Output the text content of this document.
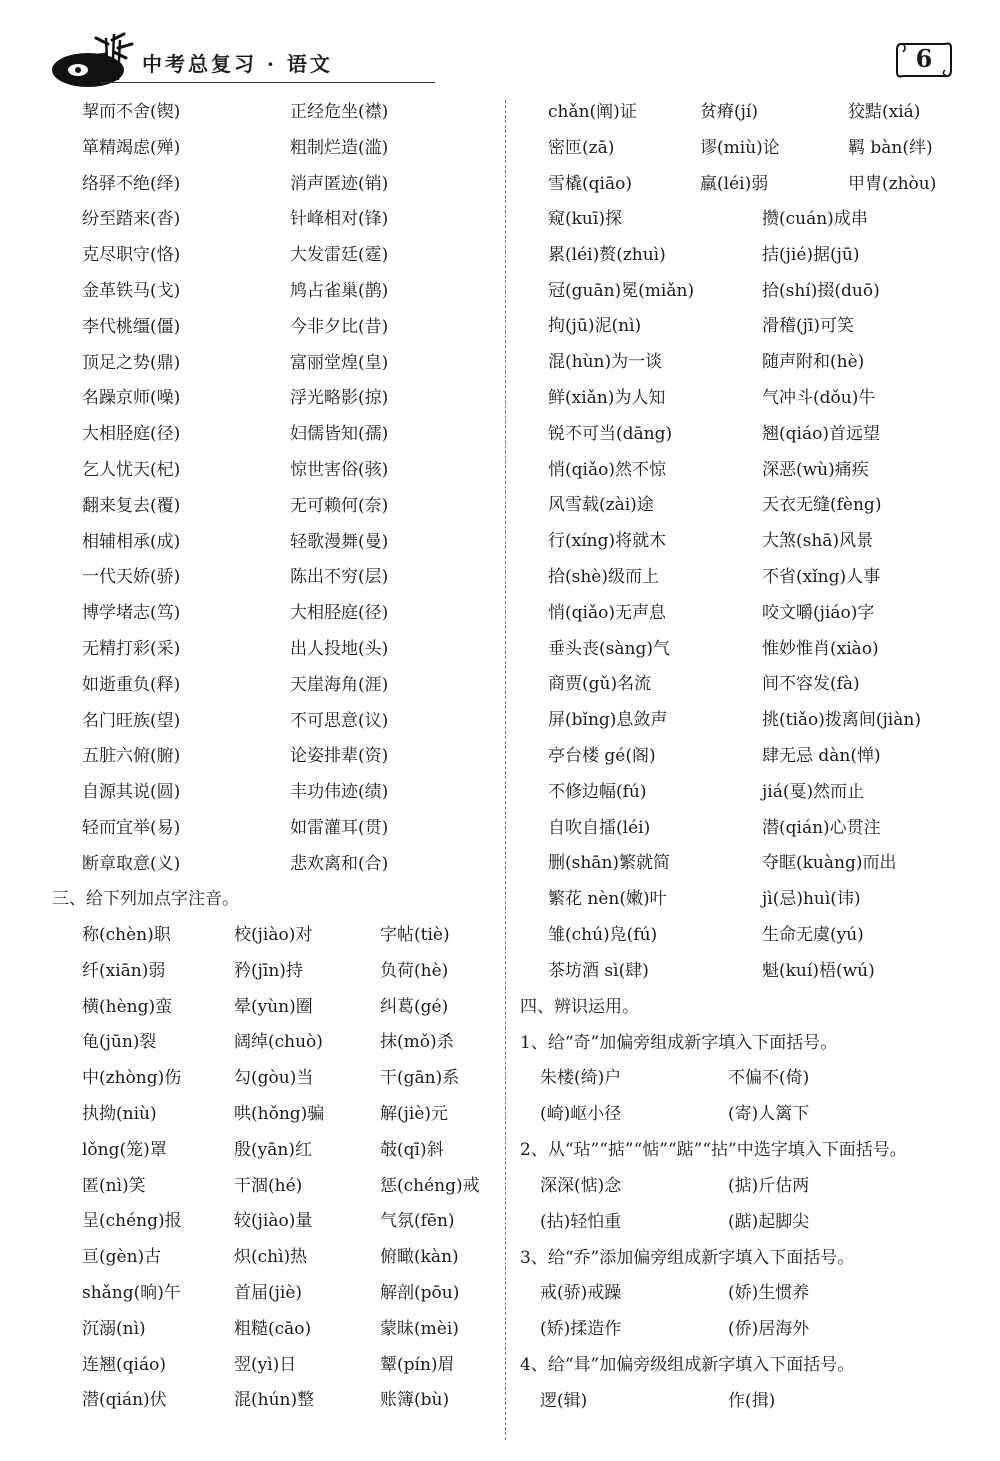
中考总复习 · 语文	6
挈而不舍(锲)	正经危坐(襟)
箪精竭虑(殚)	粗制烂造(滥)
络驿不绝(绎)	消声匿迹(销)
纷至踏来(沓)	针峰相对(锋)
克尽职守(恪)	大发雷廷(霆)
金革铁马(戈)	鸠占雀巢(鹊)
李代桃缰(僵)	今非夕比(昔)
顶足之势(鼎)	富丽堂煌(皇)
名躁京师(噪)	浮光略影(掠)
大相胫庭(径)	妇儒皆知(孺)
乞人忧天(杞)	惊世害俗(骇)
翻来复去(覆)	无可赖何(奈)
相辅相承(成)	轻歌漫舞(曼)
一代天娇(骄)	陈出不穷(层)
博学堵志(笃)	大相胫庭(径)
无精打彩(采)	出人投地(头)
如逝重负(释)	天崖海角(涯)
名门旺族(望)	不可思意(议)
五脏六俯(腑)	论姿排辈(资)
自源其说(圆)	丰功伟迹(绩)
轻而宜举(易)	如雷灌耳(贯)
断章取意(义)	悲欢离和(合)
三、给下列加点字注音。
称(chèn)职	校(jiào)对	字帖(tiè)
纤(xiān)弱	矜(jīn)持	负荷(hè)
横(hèng)蛮	晕(yùn)圈	纠葛(gé)
龟(jūn)裂	阔绰(chuò)	抹(mǒ)杀
中(zhòng)伤	勾(gòu)当	干(gān)系
执拗(niù)	哄(hǒng)骗	解(jiè)元
lǒng(笼)罩	殷(yān)红	攲(qī)斜
匿(nì)笑	干涸(hé)	惩(chéng)戒
呈(chéng)报	较(jiào)量	气氛(fēn)
亘(gèn)古	炽(chì)热	俯瞰(kàn)
shǎng(晌)午	首届(jiè)	解剖(pōu)
沉溺(nì)	粗糙(cāo)	蒙昧(mèi)
连翘(qiáo)	翌(yì)日	颦(pín)眉
潜(qián)伏	混(hún)整	账簿(bù)
chǎn(阐)证	贫瘠(jí)	狡黠(xiá)
密匝(zā)	谬(miù)论	羁 bàn(绊)
雪橇(qiāo)	羸(léi)弱	甲胄(zhòu)
窥(kuī)探	攒(cuán)成串
累(léi)赘(zhuì)	拮(jié)据(jū)
冠(guān)冕(miǎn)	拾(shí)掇(duō)
拘(jū)泥(nì)	滑稽(jī)可笑
混(hùn)为一谈	随声附和(hè)
鲜(xiǎn)为人知	气冲斗(dǒu)牛
锐不可当(dāng)	翘(qiáo)首远望
悄(qiǎo)然不惊	深恶(wù)痛疾
风雪载(zài)途	天衣无缝(fèng)
行(xíng)将就木	大煞(shā)风景
拾(shè)级而上	不省(xǐng)人事
悄(qiǎo)无声息	咬文嚼(jiáo)字
垂头丧(sàng)气	惟妙惟肖(xiào)
商贾(gǔ)名流	间不容发(fà)
屏(bǐng)息敛声	挑(tiǎo)拨离间(jiàn)
亭台楼 gé(阁)	肆无忌 dàn(惮)
不修边幅(fú)	jiá(戛)然而止
自吹自擂(léi)	潜(qián)心贯注
删(shān)繁就简	夺眶(kuàng)而出
繁花 nèn(嫩)叶	jì(忌)huì(讳)
雏(chú)凫(fú)	生命无虞(yú)
茶坊酒 sì(肆)	魁(kuí)梧(wú)
四、辨识运用。
1、给“奇”加偏旁组成新字填入下面括号。
2、从“玷”“掂”“惦”“踮”“拈”中选字填入下面括号。
3、给“乔”添加偏旁组成新字填入下面括号。
4、给“咠”加偏旁级组成新字填入下面括号。
朱楼(绮)户	不偏不(倚)
(崎)岖小径	(寄)人篱下
深深(惦)念	(掂)斤估两
(拈)轻怕重	(踮)起脚尖
戒(骄)戒躁	(娇)生惯养
(矫)揉造作	(侨)居海外
逻(辑)	作(揖)
